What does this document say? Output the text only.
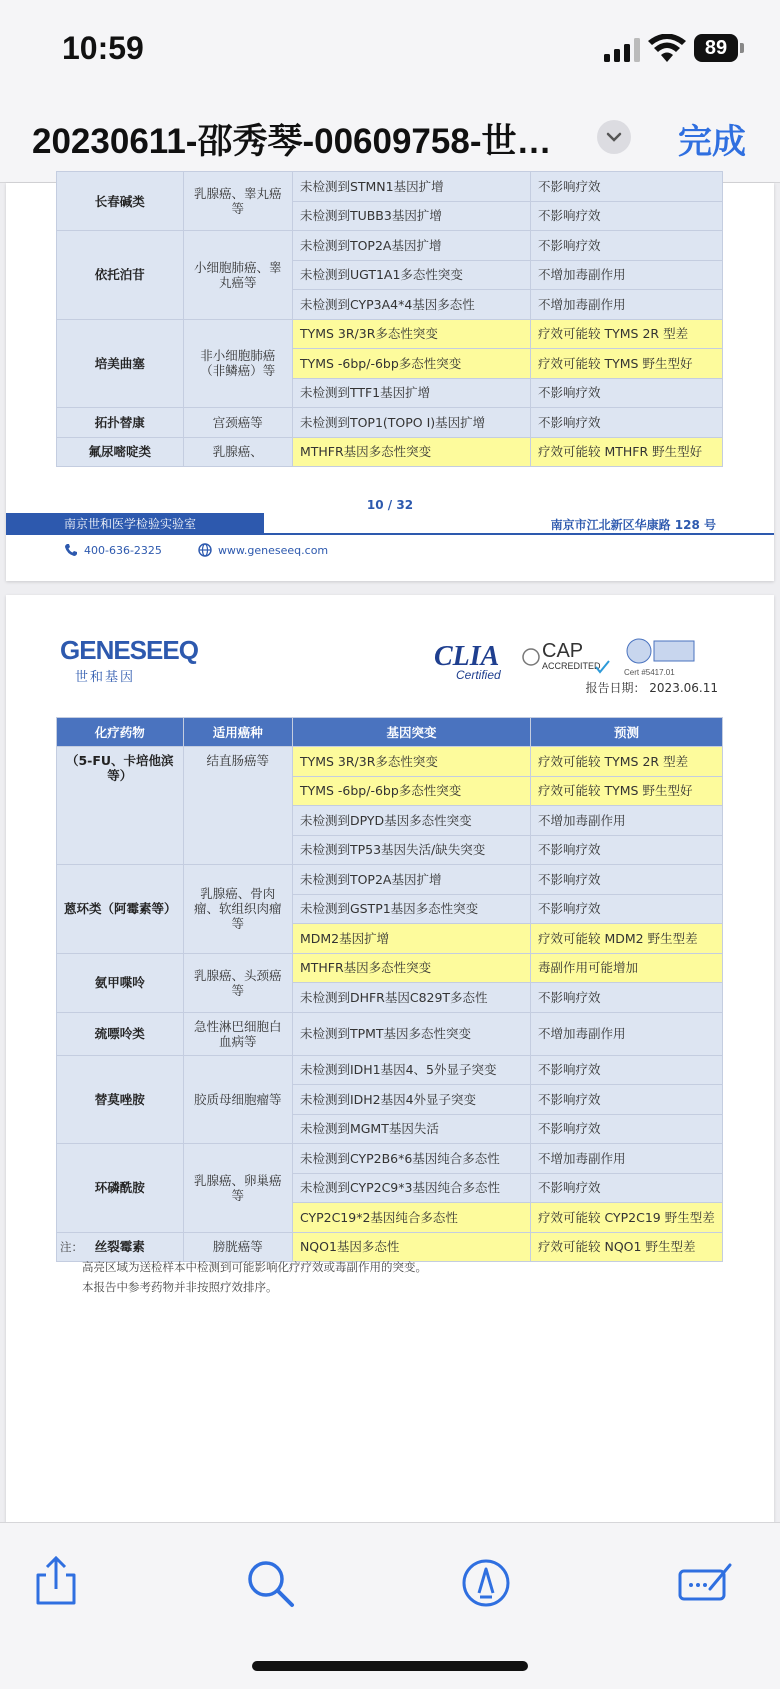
10:59	89
20230611-邵秀琴-00609758-世…	完成
长春碱类	乳腺癌、睾丸癌等	未检测到STMN1基因扩增	不影响疗效
		未检测到TUBB3基因扩增	不影响疗效
依托泊苷	小细胞肺癌、睾丸癌等	未检测到TOP2A基因扩增	不影响疗效
		未检测到UGT1A1多态性突变	不增加毒副作用
		未检测到CYP3A4*4基因多态性	不增加毒副作用
培美曲塞	非小细胞肺癌（非鳞癌）等	TYMS 3R/3R多态性突变	疗效可能较 TYMS 2R 型差
		TYMS -6bp/-6bp多态性突变	疗效可能较 TYMS 野生型好
		未检测到TTF1基因扩增	不影响疗效
拓扑替康	宫颈癌等	未检测到TOP1(TOPO I)基因扩增	不影响疗效
氟尿嘧啶类	乳腺癌、	MTHFR基因多态性突变	疗效可能较 MTHFR 野生型好
10 / 32
南京世和医学检验实验室	南京市江北新区华康路 128 号
400-636-2325	www.geneseeq.com
GENESEEQ
世和基因
CLIA
Certified
CAP
ACCREDITED
Cert #5417.01
报告日期： 2023.06.11
化疗药物	适用癌种	基因突变	预测
（5-FU、卡培他滨等）	结直肠癌等	TYMS 3R/3R多态性突变	疗效可能较 TYMS 2R 型差
		TYMS -6bp/-6bp多态性突变	疗效可能较 TYMS 野生型好
		未检测到DPYD基因多态性突变	不增加毒副作用
		未检测到TP53基因失活/缺失突变	不影响疗效
蒽环类（阿霉素等）	乳腺癌、骨肉瘤、软组织肉瘤等	未检测到TOP2A基因扩增	不影响疗效
		未检测到GSTP1基因多态性突变	不影响疗效
		MDM2基因扩增	疗效可能较 MDM2 野生型差
氨甲喋呤	乳腺癌、头颈癌等	MTHFR基因多态性突变	毒副作用可能增加
		未检测到DHFR基因C829T多态性	不影响疗效
巯嘌呤类	急性淋巴细胞白血病等	未检测到TPMT基因多态性突变	不增加毒副作用
替莫唑胺	胶质母细胞瘤等	未检测到IDH1基因4、5外显子突变	不影响疗效
		未检测到IDH2基因4外显子突变	不影响疗效
		未检测到MGMT基因失活	不影响疗效
环磷酰胺	乳腺癌、卵巢癌等	未检测到CYP2B6*6基因纯合多态性	不增加毒副作用
		未检测到CYP2C9*3基因纯合多态性	不影响疗效
		CYP2C19*2基因纯合多态性	疗效可能较 CYP2C19 野生型差
丝裂霉素	膀胱癌等	NQO1基因多态性	疗效可能较 NQO1 野生型差
注：
高亮区域为送检样本中检测到可能影响化疗疗效或毒副作用的突变。
本报告中参考药物并非按照疗效排序。
